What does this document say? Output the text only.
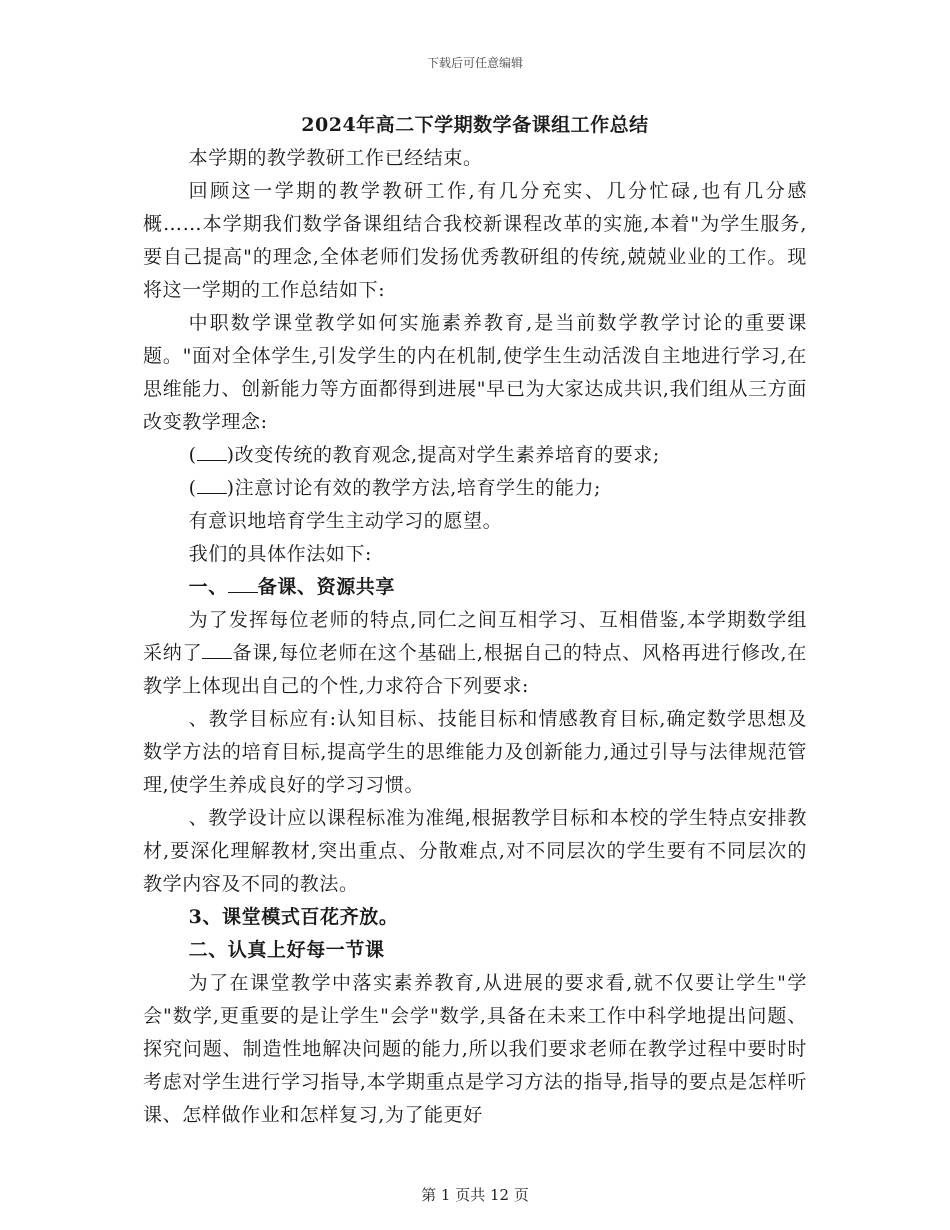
下载后可任意编辑

2024年高二下学期数学备课组工作总结

本学期的教学教研工作已经结束。

回顾这一学期的教学教研工作,有几分充实、几分忙碌,也有几分感概……本学期我们数学备课组结合我校新课程改革的实施,本着"为学生服务,要自己提高"的理念,全体老师们发扬优秀教研组的传统,兢兢业业的工作。现将这一学期的工作总结如下:

中职数学课堂教学如何实施素养教育,是当前数学教学讨论的重要课题。"面对全体学生,引发学生的内在机制,使学生生动活泼自主地进行学习,在思维能力、创新能力等方面都得到进展"早已为大家达成共识,我们组从三方面改变教学理念:

( )改变传统的教育观念,提高对学生素养培育的要求;

( )注意讨论有效的教学方法,培育学生的能力;

有意识地培育学生主动学习的愿望。

我们的具体作法如下:

一、 备课、资源共享

为了发挥每位老师的特点,同仁之间互相学习、互相借鉴,本学期数学组采纳了 备课,每位老师在这个基础上,根据自己的特点、风格再进行修改,在教学上体现出自己的个性,力求符合下列要求:

、教学目标应有:认知目标、技能目标和情感教育目标,确定数学思想及数学方法的培育目标,提高学生的思维能力及创新能力,通过引导与法律规范管理,使学生养成良好的学习习惯。

、教学设计应以课程标准为准绳,根据教学目标和本校的学生特点安排教材,要深化理解教材,突出重点、分散难点,对不同层次的学生要有不同层次的教学内容及不同的教法。

3、课堂模式百花齐放。

二、认真上好每一节课

为了在课堂教学中落实素养教育,从进展的要求看,就不仅要让学生"学会"数学,更重要的是让学生"会学"数学,具备在未来工作中科学地提出问题、探究问题、制造性地解决问题的能力,所以我们要求老师在教学过程中要时时考虑对学生进行学习指导,本学期重点是学习方法的指导,指导的要点是怎样听课、怎样做作业和怎样复习,为了能更好

第 1 页共 12 页
